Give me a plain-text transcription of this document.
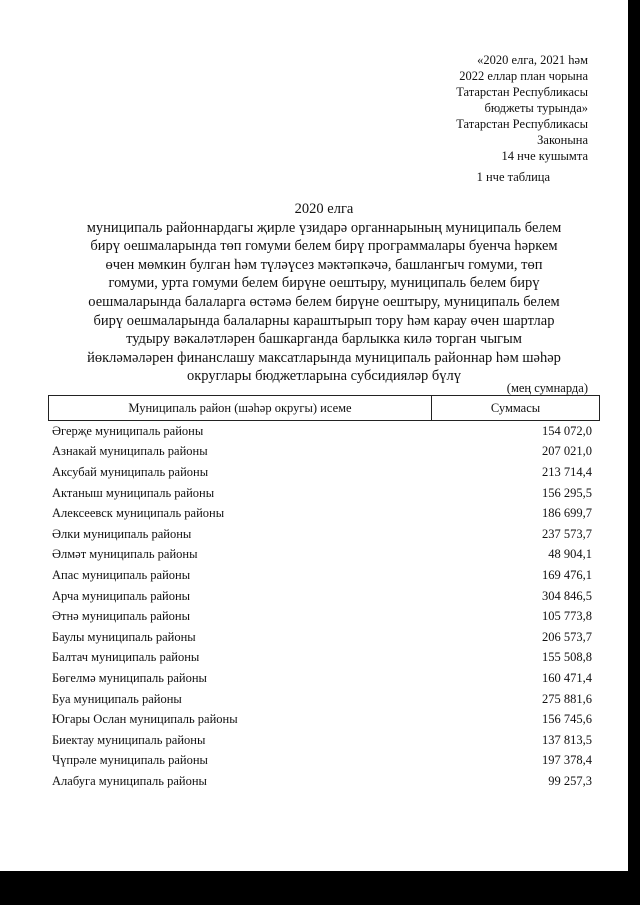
«2020 елга, 2021 һәм
2022 еллар план чорына
Татарстан Республикасы
бюджеты турында»
Татарстан Республикасы
Законына
14 нче кушымта
1 нче таблица
2020 елга
муниципаль районнардагы җирле үзидарә органнарының муниципаль белем
бирү оешмаларында төп гомуми белем бирү программалары буенча һәркем
өчен мөмкин булган һәм түләүсез мәктәпкәчә, башлангыч гомуми, төп
гомуми, урта гомуми белем бирүне оештыру, муниципаль белем бирү
оешмаларында балаларга өстәмә белем бирүне оештыру, муниципаль белем
бирү оешмаларында балаларны караштырып тору һәм карау өчен шартлар
тудыру вәкаләтләрен башкарганда барлыкка килә торган чыгым
йөкләмәләрен финанслашу максатларында муниципаль районнар һәм шәһәр
округлары бюджетларына субсидияләр бүлү
(мең сумнарда)
Муниципаль район (шәһәр округы) исеме	Суммасы
Әгерҗе муниципаль районы	154 072,0
Азнакай муниципаль районы	207 021,0
Аксубай муниципаль районы	213 714,4
Актаныш муниципаль районы	156 295,5
Алексеевск муниципаль районы	186 699,7
Әлки муниципаль районы	237 573,7
Әлмәт муниципаль районы	48 904,1
Апас муниципаль районы	169 476,1
Арча муниципаль районы	304 846,5
Әтнә муниципаль районы	105 773,8
Баулы муниципаль районы	206 573,7
Балтач муниципаль районы	155 508,8
Бөгелмә муниципаль районы	160 471,4
Буа муниципаль районы	275 881,6
Югары Ослан муниципаль районы	156 745,6
Биектау муниципаль районы	137 813,5
Чүпрәле муниципаль районы	197 378,4
Алабуга муниципаль районы	99 257,3
